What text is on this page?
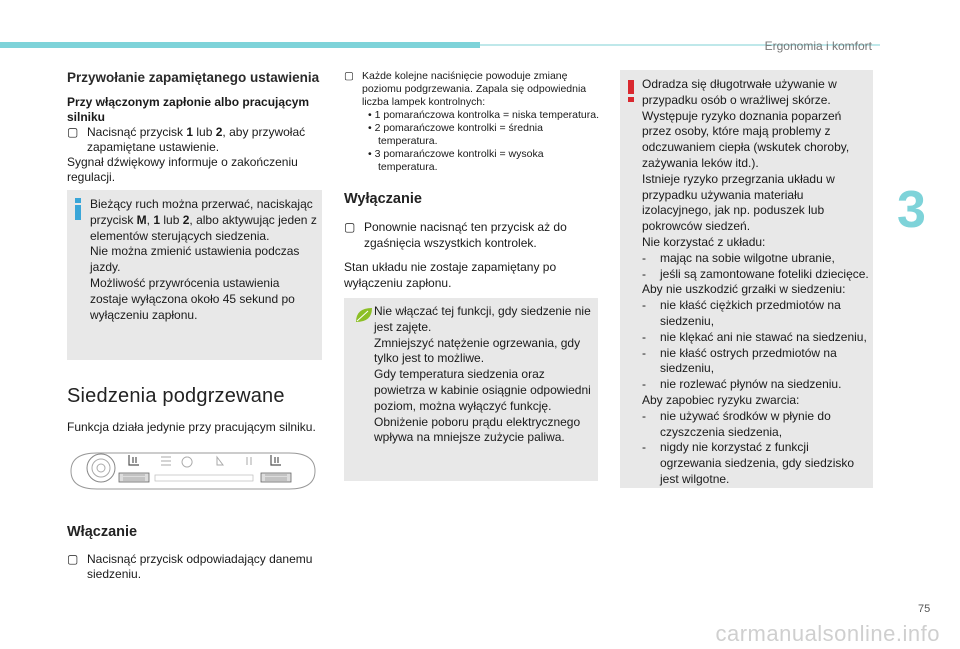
Ergonomia i komfort
3
75
carmanualsonline.info
Przywołanie zapamiętanego ustawienia

Przy włączonym zapłonie albo pracującym silniku

▢ Nacisnąć przycisk 1 lub 2, aby przywołać zapamiętane ustawienie.

Sygnał dźwiękowy informuje o zakończeniu regulacji.

Bieżący ruch można przerwać, naciskając przycisk M, 1 lub 2, albo aktywując jeden z elementów sterujących siedzenia.

Nie można zmienić ustawienia podczas jazdy.

Możliwość przywrócenia ustawienia zostaje wyłączona około 45 sekund po wyłączeniu zapłonu.

Siedzenia podgrzewane

Funkcja działa jedynie przy pracującym silniku.

Włączanie

▢ Nacisnąć przycisk odpowiadający danemu siedzeniu.

▢ Każde kolejne naciśnięcie powoduje zmianę poziomu podgrzewania. Zapala się odpowiednia liczba lampek kontrolnych:

• 1 pomarańczowa kontrolka = niska temperatura.

• 2 pomarańczowe kontrolki = średnia temperatura.

• 3 pomarańczowe kontrolki = wysoka temperatura.

Wyłączanie

▢ Ponownie nacisnąć ten przycisk aż do zgaśnięcia wszystkich kontrolek.

Stan układu nie zostaje zapamiętany po wyłączeniu zapłonu.

Nie włączać tej funkcji, gdy siedzenie nie jest zajęte.

Zmniejszyć natężenie ogrzewania, gdy tylko jest to możliwe.

Gdy temperatura siedzenia oraz powietrza w kabinie osiągnie odpowiedni poziom, można wyłączyć funkcję.

Obniżenie poboru prądu elektrycznego wpływa na mniejsze zużycie paliwa.

Odradza się długotrwałe używanie w przypadku osób o wrażliwej skórze.

Występuje ryzyko doznania poparzeń przez osoby, które mają problemy z odczuwaniem ciepła (wskutek choroby, zażywania leków itd.).

Istnieje ryzyko przegrzania układu w przypadku używania materiału izolacyjnego, jak np. poduszek lub pokrowców siedzeń.

Nie korzystać z układu:

-	mając na sobie wilgotne ubranie,
-	jeśli są zamontowane foteliki dziecięce.

Aby nie uszkodzić grzałki w siedzeniu:

-	nie kłaść ciężkich przedmiotów na siedzeniu,
-	nie klękać ani nie stawać na siedzeniu,
-	nie kłaść ostrych przedmiotów na siedzeniu,
-	nie rozlewać płynów na siedzeniu.

Aby zapobiec ryzyku zwarcia:

-	nie używać środków w płynie do czyszczenia siedzenia,
-	nigdy nie korzystać z funkcji ogrzewania siedzenia, gdy siedzisko jest wilgotne.
